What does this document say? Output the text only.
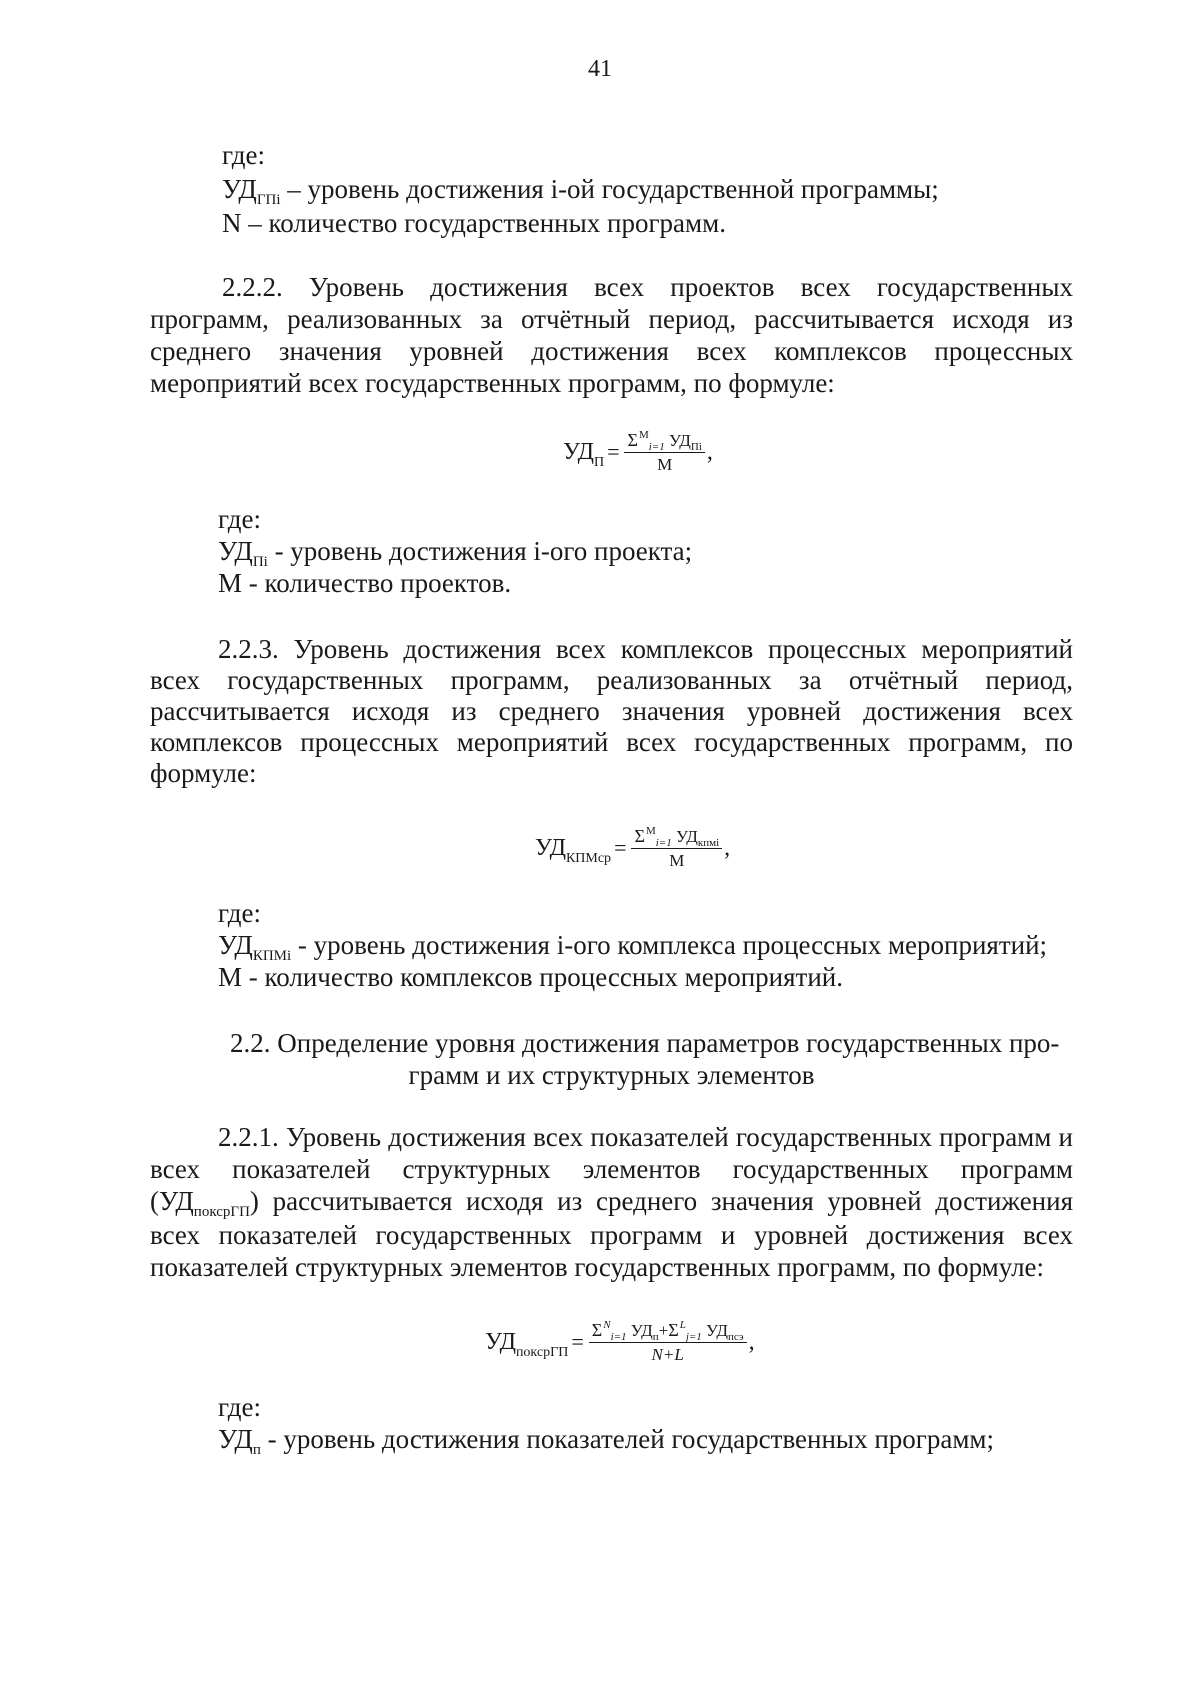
41
где:
$УД_{ГПi}$ – уровень достижения i-ой государственной программы;
N – количество государственных программ.
2.2.2. Уровень достижения всех проектов всех государственных
программ, реализованных за отчётный период, рассчитывается исходя из
среднего значения уровней достижения всех комплексов процессных
мероприятий всех государственных программ, по формуле:
$УД_П = \frac{\Sigma^M_{i=1} УД_{Пi}}{M}$ ,
где:
$УД_{Пi}$ - уровень достижения i-ого проекта;
М - количество проектов.
2.2.3. Уровень достижения всех комплексов процессных мероприятий
всех государственных программ, реализованных за отчётный период,
рассчитывается исходя из среднего значения уровней достижения всех
комплексов процессных мероприятий всех государственных программ, по
формуле:
$УД_{КПМср} = \frac{\Sigma^M_{i=1} УД_{кпмi}}{M}$ ,
где:
$УД_{КПМi}$ - уровень достижения i-ого комплекса процессных мероприятий;
М - количество комплексов процессных мероприятий.
2.2. Определение уровня достижения параметров государственных про-
грамм и их структурных элементов
2.2.1. Уровень достижения всех показателей государственных программ и
всех показателей структурных элементов государственных программ
$(УД_{поксрГП})$ рассчитывается исходя из среднего значения уровней достижения
всех показателей государственных программ и уровней достижения всех
показателей структурных элементов государственных программ, по формуле:
$УД_{поксрГП} = \frac{\Sigma^N_{i=1} УД_п+\Sigma^L_{j=1} УД_{псэ}}{N+L}$ ,
где:
$УД_п$ - уровень достижения показателей государственных программ;
